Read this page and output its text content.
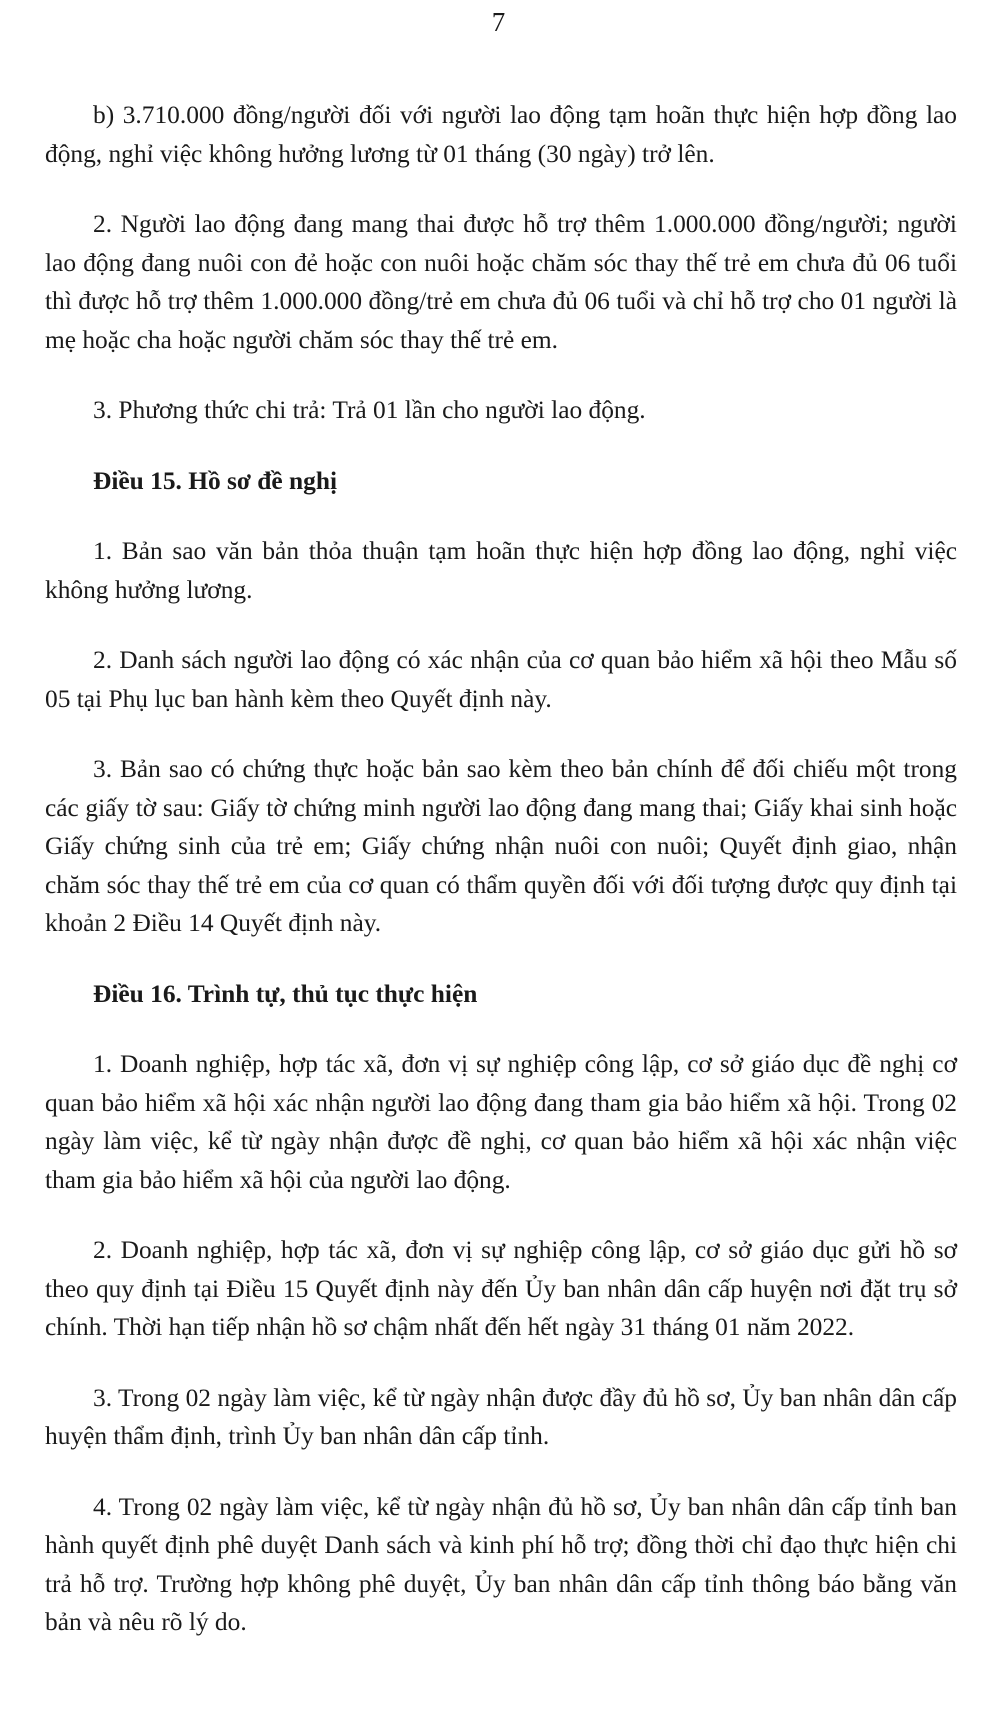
7

b) 3.710.000 đồng/người đối với người lao động tạm hoãn thực hiện hợp đồng lao động, nghỉ việc không hưởng lương từ 01 tháng (30 ngày) trở lên.

2. Người lao động đang mang thai được hỗ trợ thêm 1.000.000 đồng/người; người lao động đang nuôi con đẻ hoặc con nuôi hoặc chăm sóc thay thế trẻ em chưa đủ 06 tuổi thì được hỗ trợ thêm 1.000.000 đồng/trẻ em chưa đủ 06 tuổi và chỉ hỗ trợ cho 01 người là mẹ hoặc cha hoặc người chăm sóc thay thế trẻ em.

3. Phương thức chi trả: Trả 01 lần cho người lao động.

Điều 15. Hồ sơ đề nghị

1. Bản sao văn bản thỏa thuận tạm hoãn thực hiện hợp đồng lao động, nghỉ việc không hưởng lương.

2. Danh sách người lao động có xác nhận của cơ quan bảo hiểm xã hội theo Mẫu số 05 tại Phụ lục ban hành kèm theo Quyết định này.

3. Bản sao có chứng thực hoặc bản sao kèm theo bản chính để đối chiếu một trong các giấy tờ sau: Giấy tờ chứng minh người lao động đang mang thai; Giấy khai sinh hoặc Giấy chứng sinh của trẻ em; Giấy chứng nhận nuôi con nuôi; Quyết định giao, nhận chăm sóc thay thế trẻ em của cơ quan có thẩm quyền đối với đối tượng được quy định tại khoản 2 Điều 14 Quyết định này.

Điều 16. Trình tự, thủ tục thực hiện

1. Doanh nghiệp, hợp tác xã, đơn vị sự nghiệp công lập, cơ sở giáo dục đề nghị cơ quan bảo hiểm xã hội xác nhận người lao động đang tham gia bảo hiểm xã hội. Trong 02 ngày làm việc, kể từ ngày nhận được đề nghị, cơ quan bảo hiểm xã hội xác nhận việc tham gia bảo hiểm xã hội của người lao động.

2. Doanh nghiệp, hợp tác xã, đơn vị sự nghiệp công lập, cơ sở giáo dục gửi hồ sơ theo quy định tại Điều 15 Quyết định này đến Ủy ban nhân dân cấp huyện nơi đặt trụ sở chính. Thời hạn tiếp nhận hồ sơ chậm nhất đến hết ngày 31 tháng 01 năm 2022.

3. Trong 02 ngày làm việc, kể từ ngày nhận được đầy đủ hồ sơ, Ủy ban nhân dân cấp huyện thẩm định, trình Ủy ban nhân dân cấp tỉnh.

4. Trong 02 ngày làm việc, kể từ ngày nhận đủ hồ sơ, Ủy ban nhân dân cấp tỉnh ban hành quyết định phê duyệt Danh sách và kinh phí hỗ trợ; đồng thời chỉ đạo thực hiện chi trả hỗ trợ. Trường hợp không phê duyệt, Ủy ban nhân dân cấp tỉnh thông báo bằng văn bản và nêu rõ lý do.
